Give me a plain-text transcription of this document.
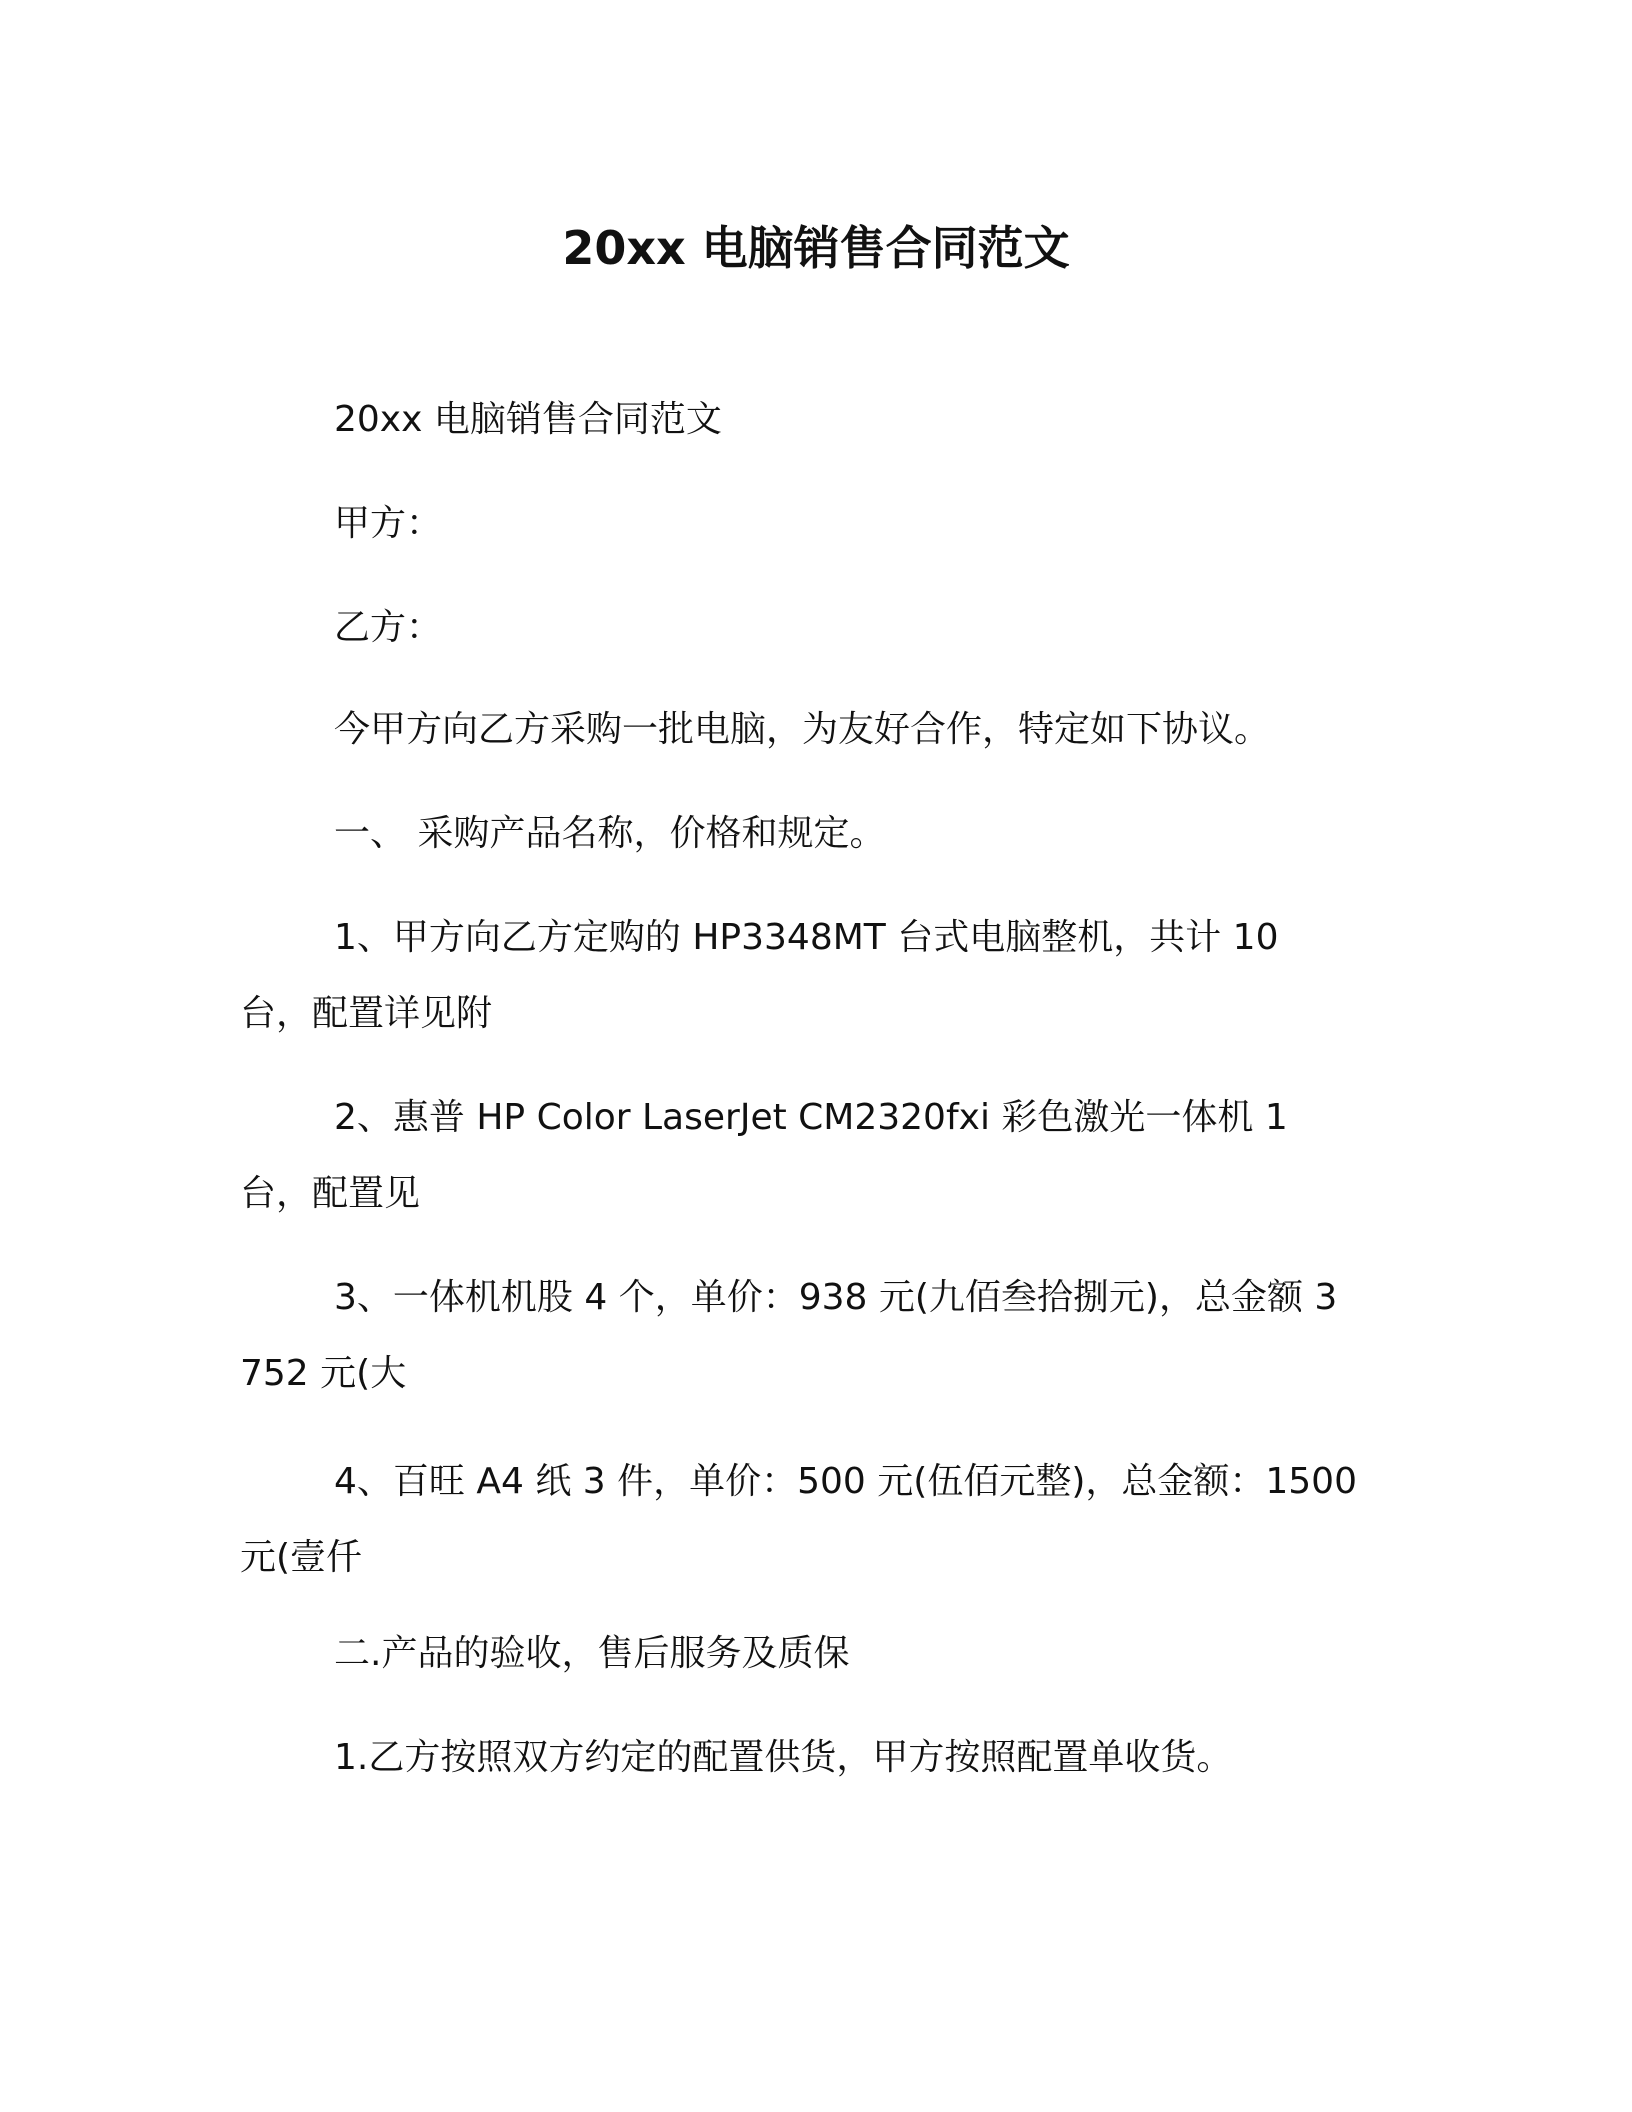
20xx 电脑销售合同范文

20xx 电脑销售合同范文

甲方：

乙方：

今甲方向乙方采购一批电脑，为友好合作，特定如下协议。

一、 采购产品名称，价格和规定。

1、甲方向乙方定购的 HP3348MT 台式电脑整机，共计 10 台，配置详见附

2、惠普 HP Color LaserJet CM2320fxi 彩色激光一体机 1 台，配置见

3、一体机机股 4 个，单价：938 元(九佰叁拾捌元)，总金额 3752 元(大

4、百旺 A4 纸 3 件，单价：500 元(伍佰元整)，总金额：1500 元(壹仟

二.产品的验收，售后服务及质保

1.乙方按照双方约定的配置供货，甲方按照配置单收货。
